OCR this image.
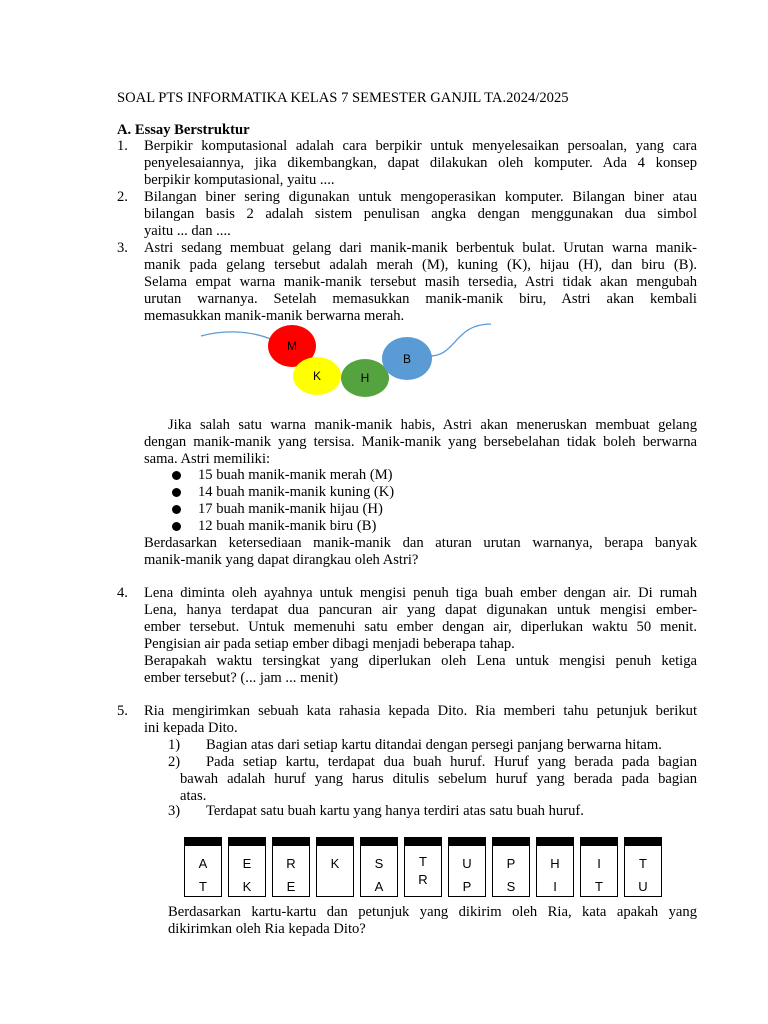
SOAL PTS INFORMATIKA KELAS 7 SEMESTER GANJIL TA.2024/2025
A. Essay Berstruktur
1. Berpikir komputasional adalah cara berpikir untuk menyelesaikan persoalan, yang cara
penyelesaiannya, jika dikembangkan, dapat dilakukan oleh komputer. Ada 4 konsep
berpikir komputasional, yaitu ....
2. Bilangan biner sering digunakan untuk mengoperasikan komputer. Bilangan biner atau
bilangan basis 2 adalah sistem penulisan angka dengan menggunakan dua simbol
yaitu ... dan ....
3. Astri sedang membuat gelang dari manik-manik berbentuk bulat. Urutan warna manik-
manik pada gelang tersebut adalah merah (M), kuning (K), hijau (H), dan biru (B).
Selama empat warna manik-manik tersebut masih tersedia, Astri tidak akan mengubah
urutan warnanya. Setelah memasukkan manik-manik biru, Astri akan kembali
memasukkan manik-manik berwarna merah.
M
K	H
B
Jika salah satu warna manik-manik habis, Astri akan meneruskan membuat gelang
dengan manik-manik yang tersisa. Manik-manik yang bersebelahan tidak boleh berwarna
sama. Astri memiliki:
15 buah manik-manik merah (M)
14 buah manik-manik kuning (K)
17 buah manik-manik hijau (H)
12 buah manik-manik biru (B)
Berdasarkan ketersediaan manik-manik dan aturan urutan warnanya, berapa banyak
manik-manik yang dapat dirangkau oleh Astri?
4. Lena diminta oleh ayahnya untuk mengisi penuh tiga buah ember dengan air. Di rumah
Lena, hanya terdapat dua pancuran air yang dapat digunakan untuk mengisi ember-
ember tersebut. Untuk memenuhi satu ember dengan air, diperlukan waktu 50 menit.
Pengisian air pada setiap ember dibagi menjadi beberapa tahap.
Berapakah waktu tersingkat yang diperlukan oleh Lena untuk mengisi penuh ketiga
ember tersebut? (... jam ... menit)
5. Ria mengirimkan sebuah kata rahasia kepada Dito. Ria memberi tahu petunjuk berikut
ini kepada Dito.
1) Bagian atas dari setiap kartu ditandai dengan persegi panjang berwarna hitam.
2) Pada setiap kartu, terdapat dua buah huruf. Huruf yang berada pada bagian
bawah adalah huruf yang harus ditulis sebelum huruf yang berada pada bagian
atas.
3) Terdapat satu buah kartu yang hanya terdiri atas satu buah huruf.
A
T
E
K
R
E
K	S
A
T
R
U
P
P
S
H
I
I
T
T
U
Berdasarkan kartu-kartu dan petunjuk yang dikirim oleh Ria, kata apakah yang
dikirimkan oleh Ria kepada Dito?
